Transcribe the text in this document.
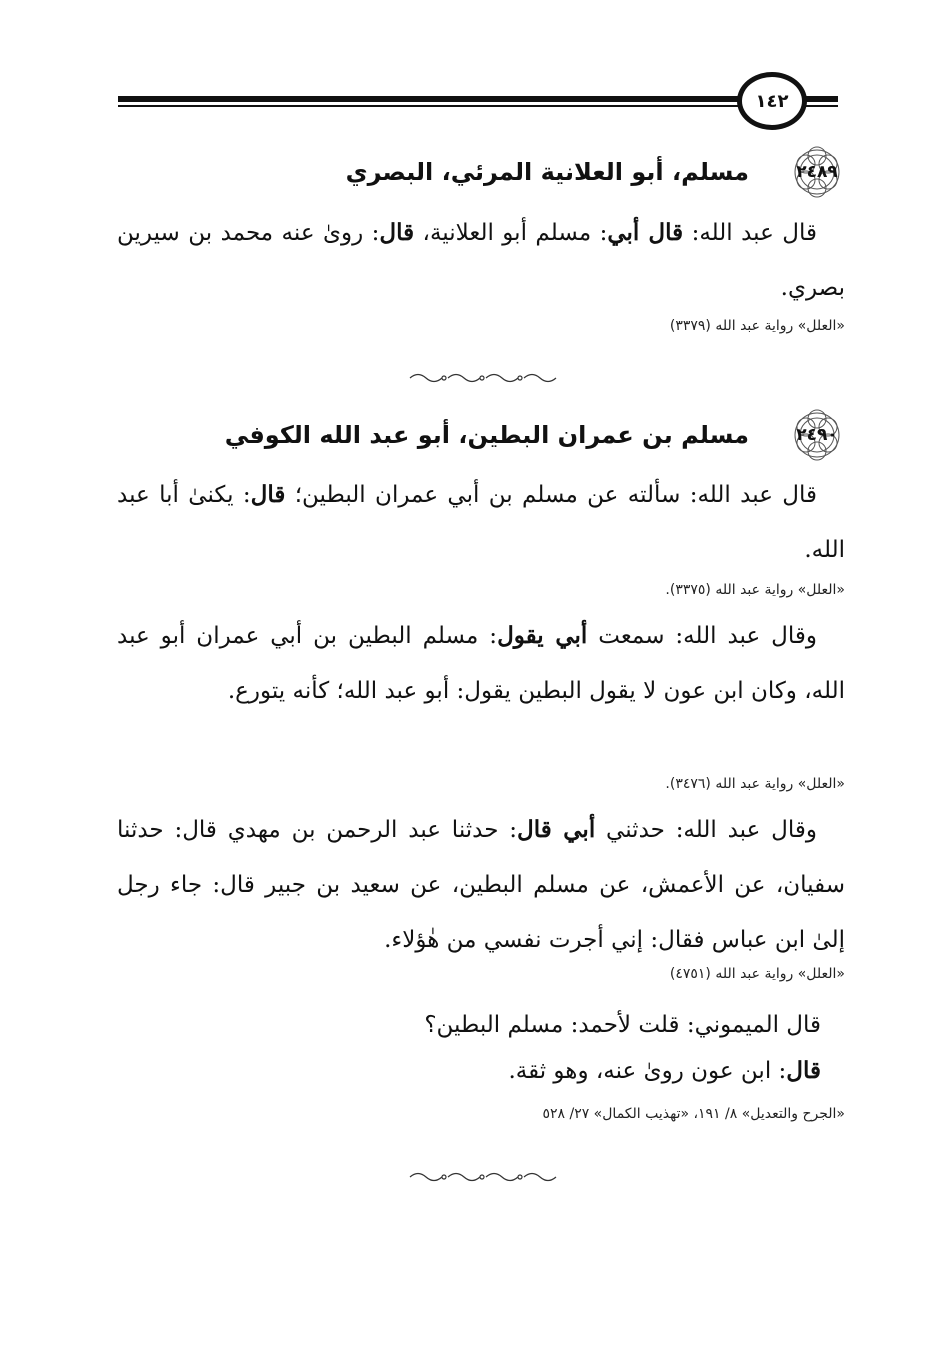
١٤٢
٢٤٨٩
مسلم، أبو العلانية المرئي، البصري
قال عبد الله: قال أبي: مسلم أبو العلانية، قال: روىٰ عنه محمد بن سيرين بصري.
«العلل» رواية عبد الله (٣٣٧٩)
٢٤٩٠
مسلم بن عمران البطين، أبو عبد الله الكوفي
قال عبد الله: سألته عن مسلم بن أبي عمران البطين؛ قال: يكنىٰ أبا عبد الله.
«العلل» رواية عبد الله (٣٣٧٥).
وقال عبد الله: سمعت أبي يقول: مسلم البطين بن أبي عمران أبو عبد الله، وكان ابن عون لا يقول البطين يقول: أبو عبد الله؛ كأنه يتورع.
«العلل» رواية عبد الله (٣٤٧٦).
وقال عبد الله: حدثني أبي قال: حدثنا عبد الرحمن بن مهدي قال: حدثنا سفيان، عن الأعمش، عن مسلم البطين، عن سعيد بن جبير قال: جاء رجل إلىٰ ابن عباس فقال: إني أجرت نفسي من هٰؤلاء.
«العلل» رواية عبد الله (٤٧٥١)
قال الميموني: قلت لأحمد: مسلم البطين؟
قال: ابن عون روىٰ عنه، وهو ثقة.
«الجرح والتعديل» ٨/ ١٩١، «تهذيب الكمال» ٢٧/ ٥٢٨
